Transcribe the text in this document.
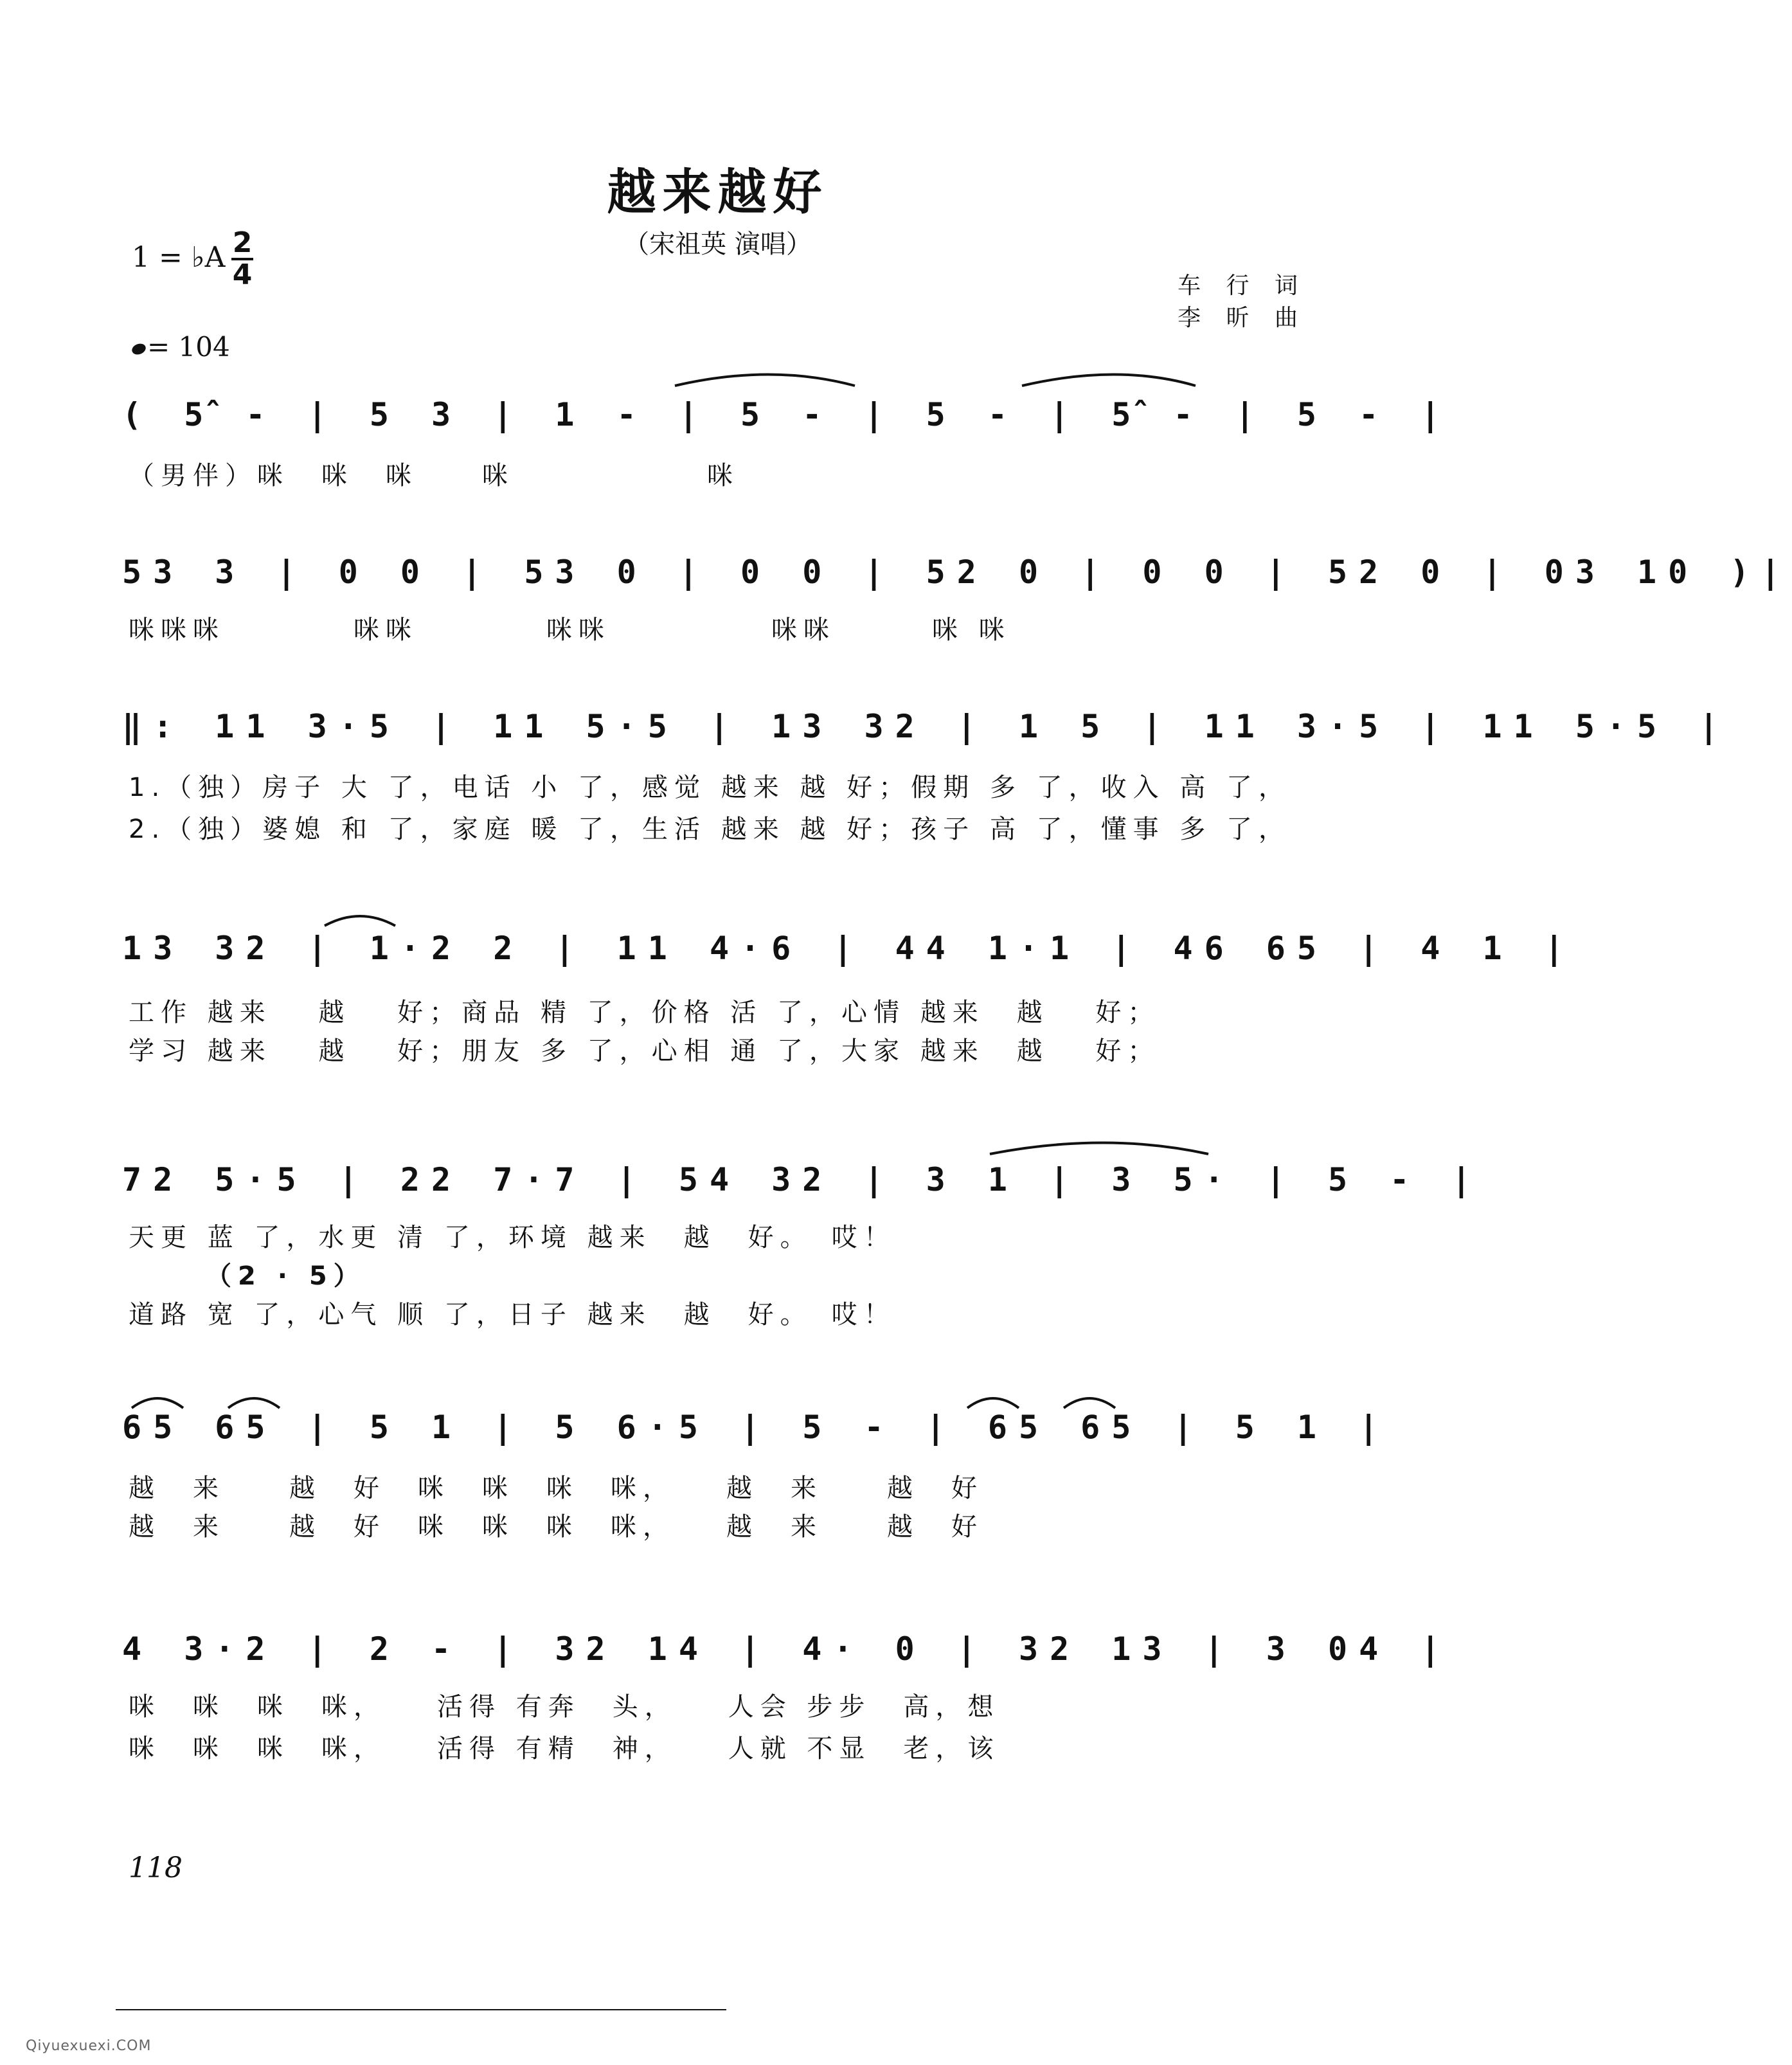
越来越好
（宋祖英 演唱）
车 行 词
李 昕 曲
1 = ♭A 2
4
= 104
( 5̂ - | 5 3 | 1 - | 5 - | 5 - | 5̂ - | 5 - |
（男伴）咪　咪　咪　　咪　　　　　　咪
53 3 | 0 0 | 53 0 | 0 0 | 52 0 | 0 0 | 52 0 | 03 10 )|
咪咪咪　　　　咪咪　　　　咪咪　　　　　咪咪　　　咪 咪
‖: 11 3·5 | 11 5·5 | 13 32 | 1 5 | 11 3·5 | 11 5·5 |
1.（独）房子 大 了，电话 小 了，感觉 越来 越 好；假期 多 了，收入 高 了，
2.（独）婆媳 和 了，家庭 暖 了，生活 越来 越 好；孩子 高 了，懂事 多 了，
13 32 | 1·2 2 | 11 4·6 | 44 1·1 | 46 65 | 4 1 |
工作 越来　 越　 好；商品 精 了，价格 活 了，心情 越来　越　 好；
学习 越来　 越　 好；朋友 多 了，心相 通 了，大家 越来　越　 好；
72 5·5 | 22 7·7 | 54 32 | 3 1 | 3 5· | 5 - |
天更 蓝 了，水更 清 了，环境 越来　越　好。　哎！
（2 · 5）
道路 宽 了，心气 顺 了，日子 越来　越　好。　哎！
65 65 | 5 1 | 5 6·5 | 5 - | 65 65 | 5 1 |
越　来　　越　好　咪　咪　咪　咪，　　越　来　　越　好
越　来　　越　好　咪　咪　咪　咪，　　越　来　　越　好
4 3·2 | 2 - | 32 14 | 4· 0 | 32 13 | 3 04 |
咪　咪　咪　咪，　　活得 有奔　头，　　人会 步步　高，想
咪　咪　咪　咪，　　活得 有精　神，　　人就 不显　老，该
118
Qiyuexuexi.COM
